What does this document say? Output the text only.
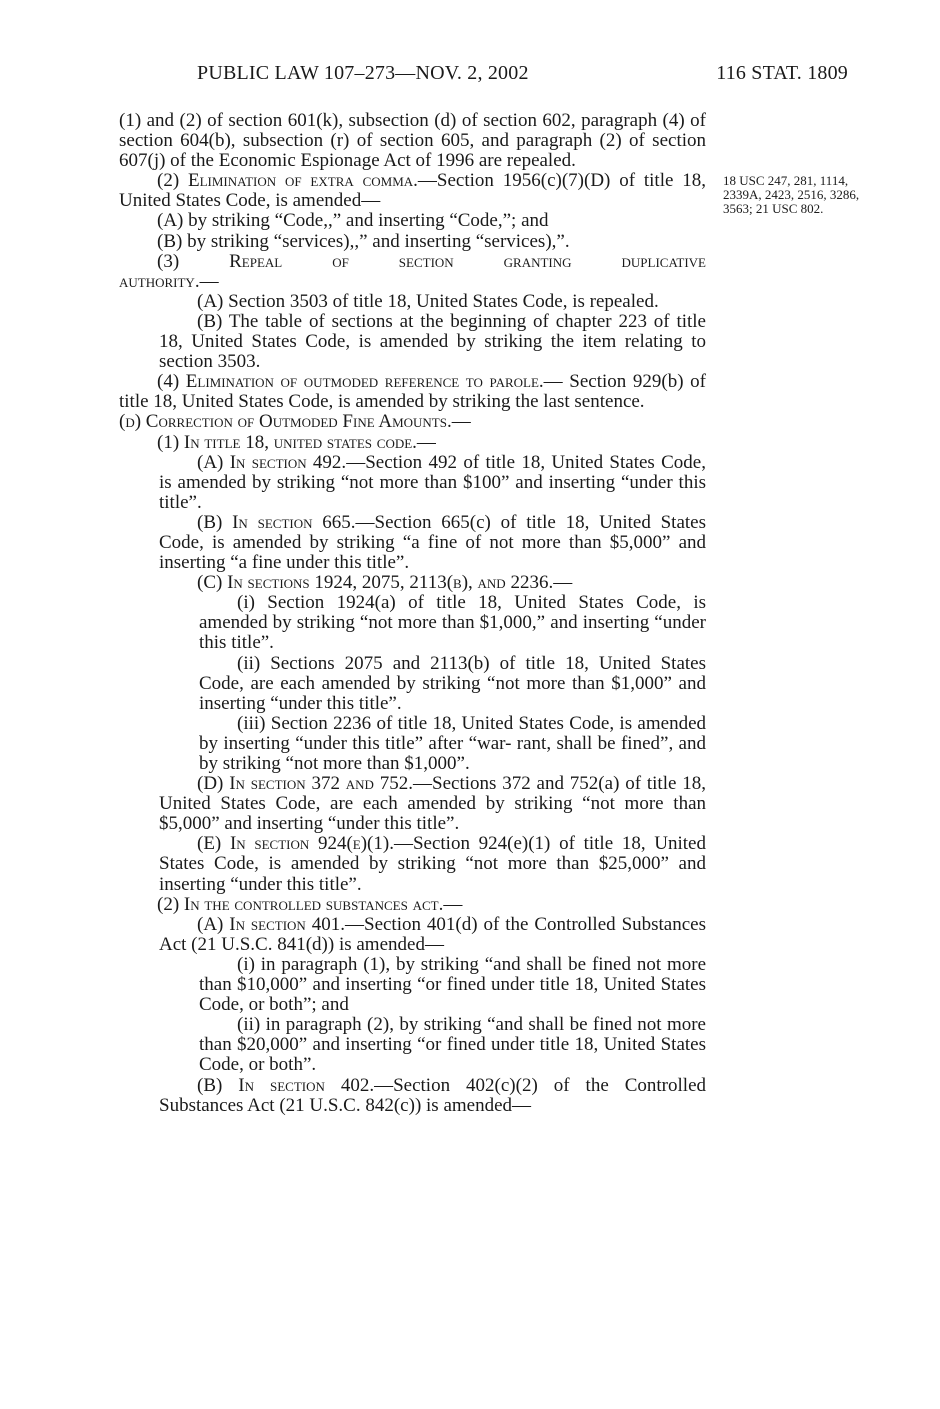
PUBLIC LAW 107–273—NOV. 2, 2002	116 STAT. 1809
18 USC 247, 281, 1114, 2339A, 2423, 2516, 3286, 3563; 21 USC 802.

(1) and (2) of section 601(k), subsection (d) of section 602, paragraph (4) of section 604(b), subsection (r) of section 605, and paragraph (2) of section 607(j) of the Economic Espionage Act of 1996 are repealed.

(2) Elimination of extra comma.—Section 1956(c)(7)(D) of title 18, United States Code, is amended—

(A) by striking “Code,,” and inserting “Code,”; and

(B) by striking “services),,” and inserting “services),”.

(3) Repeal of section granting duplicative

authority.—

(A) Section 3503 of title 18, United States Code, is repealed.

(B) The table of sections at the beginning of chapter 223 of title 18, United States Code, is amended by striking the item relating to section 3503.

(4) Elimination of outmoded reference to parole.— Section 929(b) of title 18, United States Code, is amended by striking the last sentence.

(d) Correction of Outmoded Fine Amounts.—

(1) In title 18, united states code.—

(A) In section 492.—Section 492 of title 18, United States Code, is amended by striking “not more than $100” and inserting “under this title”.

(B) In section 665.—Section 665(c) of title 18, United States Code, is amended by striking “a fine of not more than $5,000” and inserting “a fine under this title”.

(C) In sections 1924, 2075, 2113(b), and 2236.—

(i) Section 1924(a) of title 18, United States Code, is amended by striking “not more than $1,000,” and inserting “under this title”.

(ii) Sections 2075 and 2113(b) of title 18, United States Code, are each amended by striking “not more than $1,000” and inserting “under this title”.

(iii) Section 2236 of title 18, United States Code, is amended by inserting “under this title” after “war- rant, shall be fined”, and by striking “not more than $1,000”.

(D) In section 372 and 752.—Sections 372 and 752(a) of title 18, United States Code, are each amended by striking “not more than $5,000” and inserting “under this title”.

(E) In section 924(e)(1).—Section 924(e)(1) of title 18, United States Code, is amended by striking “not more than $25,000” and inserting “under this title”.

(2) In the controlled substances act.—

(A) In section 401.—Section 401(d) of the Controlled Substances Act (21 U.S.C. 841(d)) is amended—

(i) in paragraph (1), by striking “and shall be fined not more than $10,000” and inserting “or fined under title 18, United States Code, or both”; and

(ii) in paragraph (2), by striking “and shall be fined not more than $20,000” and inserting “or fined under title 18, United States Code, or both”.

(B) In section 402.—Section 402(c)(2) of the Controlled Substances Act (21 U.S.C. 842(c)) is amended—
